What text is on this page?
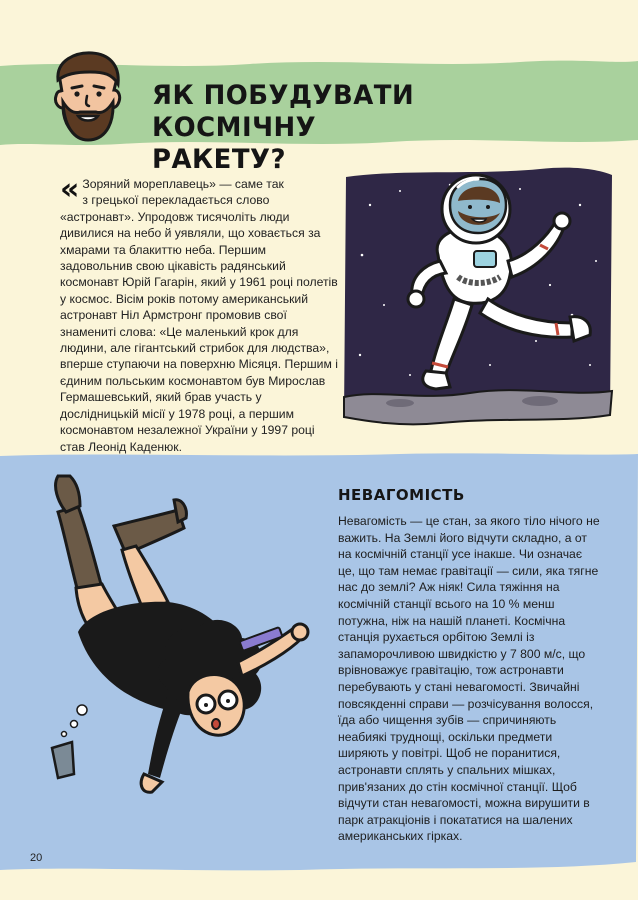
ЯК ПОБУДУВАТИ
КОСМІЧНУ РАКЕТУ?
« Зоряний мореплавець» — саме так
з грецької перекладається слово «астронавт». Упродовж тисячоліть люди дивилися на небо й уявляли, що ховається за хмарами та блакиттю неба. Першим задовольнив свою цікавість радянський космонавт Юрій Гагарін, який у 1961 році полетів у космос. Вісім років потому американський астронавт Ніл Армстронг промовив свої знамениті слова: «Це маленький крок для людини, але гігантський стрибок для людства», вперше ступаючи на поверхню Місяця. Першим і єдиним польським космонавтом був Мирослав Гермашевський, який брав участь у дослідницькій місії у 1978 році, а першим космонавтом незалежної України у 1997 році став Леонід Каденюк.
НЕВАГОМІСТЬ
Невагомість — це стан, за якого тіло нічого не важить. На Землі його відчути складно, а от на космічній станції усе інакше. Чи означає це, що там немає гравітації — сили, яка тягне нас до землі? Аж ніяк! Сила тяжіння на космічній станції всього на 10 % менш потужна, ніж на нашій планеті. Космічна станція рухається орбітою Землі із запаморочливою швидкістю у 7 800 м/с, що врівноважує гравітацію, тож астронавти перебувають у стані невагомості. Звичайні повсякденні справи — розчісування волосся, їда або чищення зубів — спричиняють неабиякі труднощі, оскільки предмети ширяють у повітрі. Щоб не поранитися, астронавти сплять у спальних мішках, прив'язаних до стін космічної станції. Щоб відчути стан невагомості, можна вирушити в парк атракціонів і покататися на шалених американських гірках.
20
